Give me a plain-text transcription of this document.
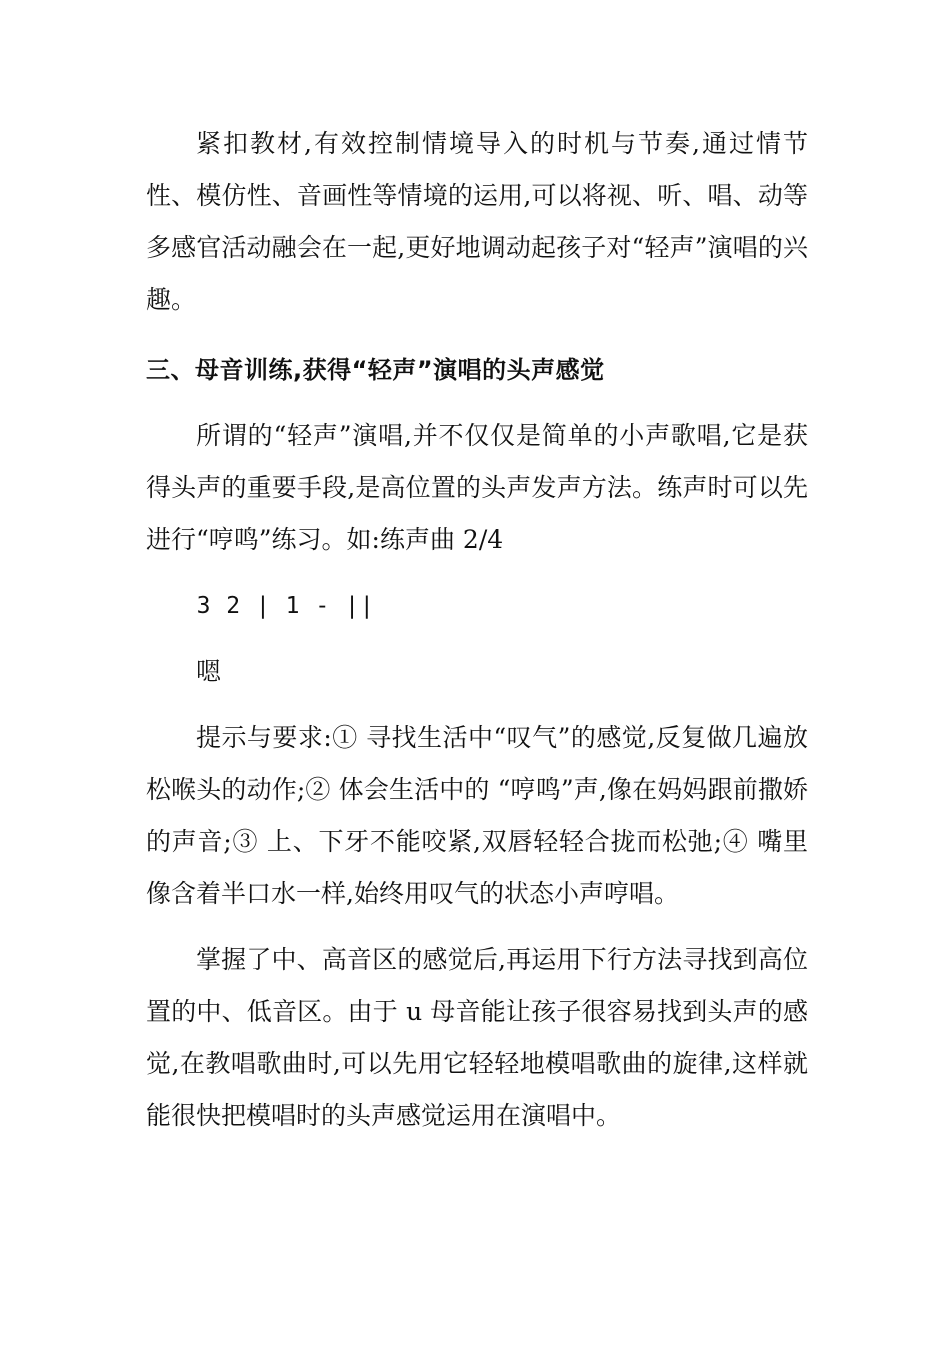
紧扣教材,有效控制情境导入的时机与节奏,通过情节性、模仿性、音画性等情境的运用,可以将视、听、唱、动等多感官活动融会在一起,更好地调动起孩子对“轻声”演唱的兴趣。

三、母音训练,获得“轻声”演唱的头声感觉

所谓的“轻声”演唱,并不仅仅是简单的小声歌唱,它是获得头声的重要手段,是高位置的头声发声方法。练声时可以先进行“哼鸣”练习。如:练声曲 2/4

3 2 | 1 - ||

嗯

提示与要求:① 寻找生活中“叹气”的感觉,反复做几遍放松喉头的动作;② 体会生活中的 “哼鸣”声,像在妈妈跟前撒娇的声音;③ 上、下牙不能咬紧,双唇轻轻合拢而松弛;④ 嘴里像含着半口水一样,始终用叹气的状态小声哼唱。

掌握了中、高音区的感觉后,再运用下行方法寻找到高位置的中、低音区。由于 u 母音能让孩子很容易找到头声的感觉,在教唱歌曲时,可以先用它轻轻地模唱歌曲的旋律,这样就能很快把模唱时的头声感觉运用在演唱中。
